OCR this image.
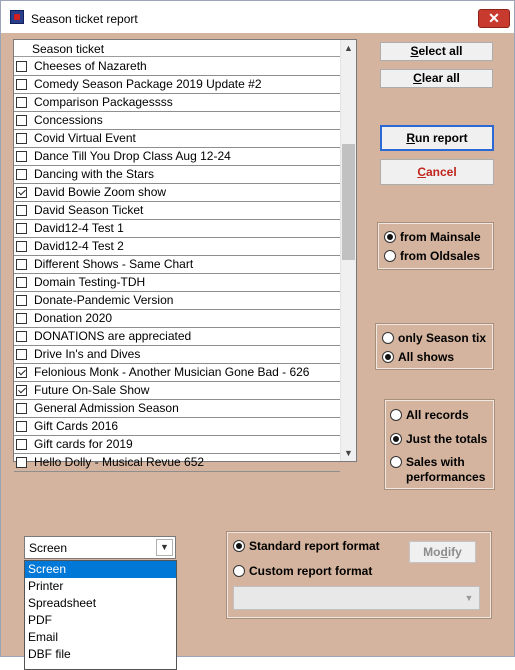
Season ticket report	✕
Season ticket
Cheeses of Nazareth
Comedy Season Package 2019 Update #2
Comparison Packagessss
Concessions
Covid Virtual Event
Dance Till You Drop Class Aug 12-24
Dancing with the Stars
David Bowie Zoom show
David Season Ticket
David12-4 Test 1
David12-4 Test 2
Different Shows - Same Chart
Domain Testing-TDH
Donate-Pandemic Version
Donation 2020
DONATIONS are appreciated
Drive In's and Dives
Felonious Monk - Another Musician Gone Bad - 626
Future On-Sale Show
General Admission Season
Gift Cards 2016
Gift cards for 2019
Hello Dolly - Musical Revue 652
▲
▼
Select all
Clear all
Run report
Cancel
from Mainsale
from Oldsales
only Season tix
All shows
All records
Just the totals
Sales with
performances
Screen	▼
Screen
Printer
Spreadsheet
PDF
Email
DBF file
Standard report format
Custom report format
Modify
▼
